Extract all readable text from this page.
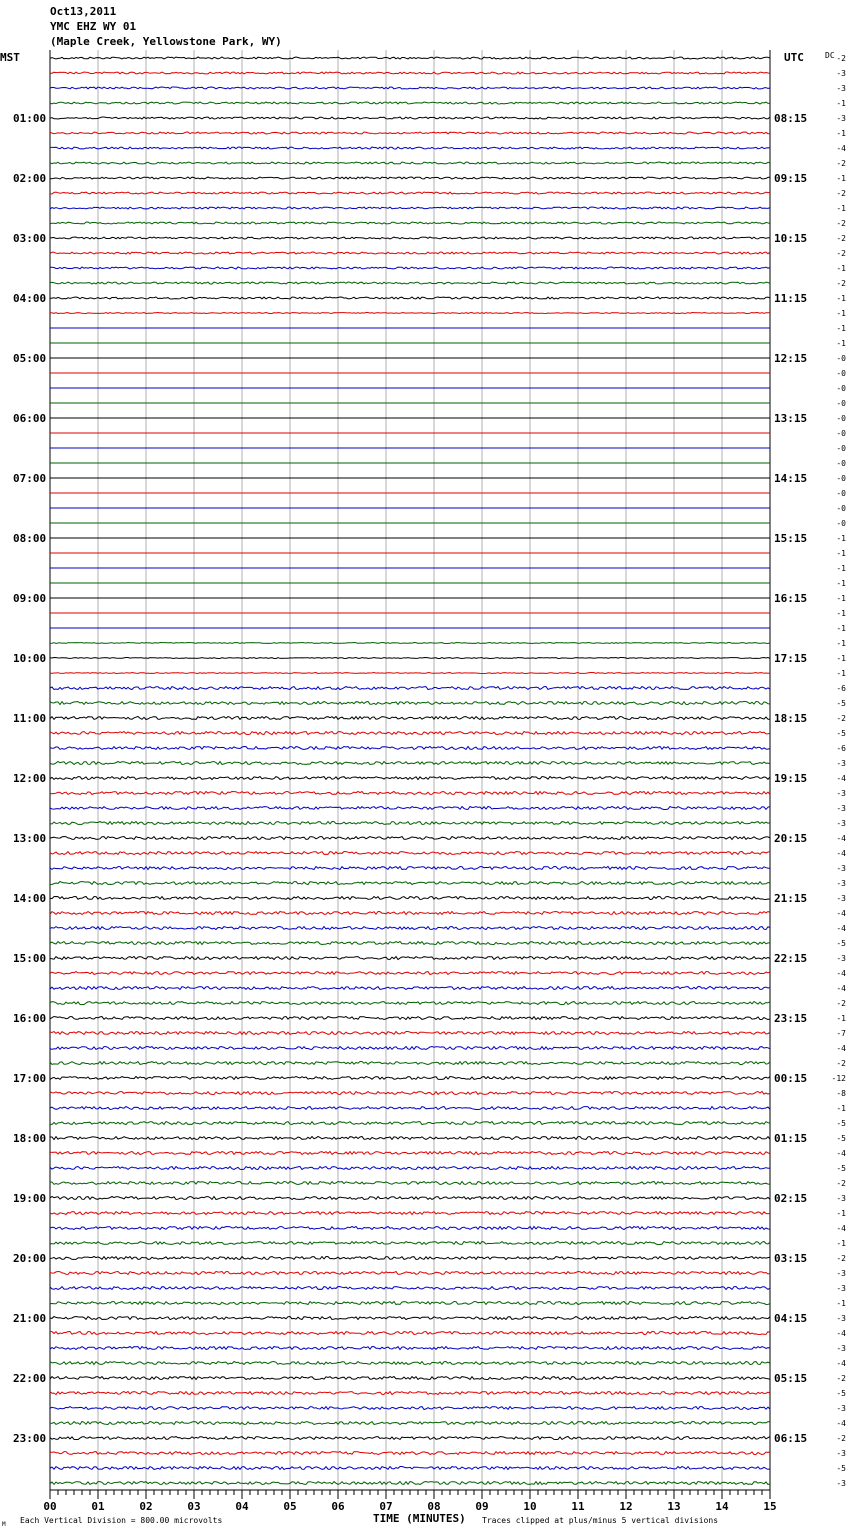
Oct13,2011
YMC EHZ WY 01
(Maple Creek, Yellowstone Park, WY)
01:00	08:15
02:00	09:15
03:00	10:15
04:00	11:15
05:00	12:15
06:00	13:15
07:00	14:15
08:00	15:15
09:00	16:15
10:00	17:15
11:00	18:15
12:00	19:15
13:00	20:15
14:00	21:15
15:00	22:15
16:00	23:15
17:00	00:15
18:00	01:15
19:00	02:15
20:00	03:15
21:00	04:15
22:00	05:15
23:00	06:15
-2
-3
-3
-1
-3
-1
-4
-2
-1
-2
-1
-2
-2
-2
-1
-2
-1
-1
-1
-1
-0
-0
-0
-0
-0
-0
-0
-0
-0
-0
-0
-0
-1
-1
-1
-1
-1
-1
-1
-1
-1
-1
-6
-5
-2
-5
-6
-3
-4
-3
-3
-3
-4
-4
-3
-3
-3
-4
-4
-5
-3
-4
-4
-2
-1
-7
-4
-2
-12
-8
-1
-5
-5
-4
-5
-2
-3
-1
-4
-1
-2
-3
-3
-1
-3
-4
-3
-4
-2
-5
-3
-4
-2
-3
-5
-3
00	01	02	03	04	05	06	07	08	09	10	11	12	13	14	15
MST	UTC	DC
TIME (MINUTES)
Each Vertical Division = 800.00 microvolts	Traces clipped at plus/minus 5 vertical divisions
M
